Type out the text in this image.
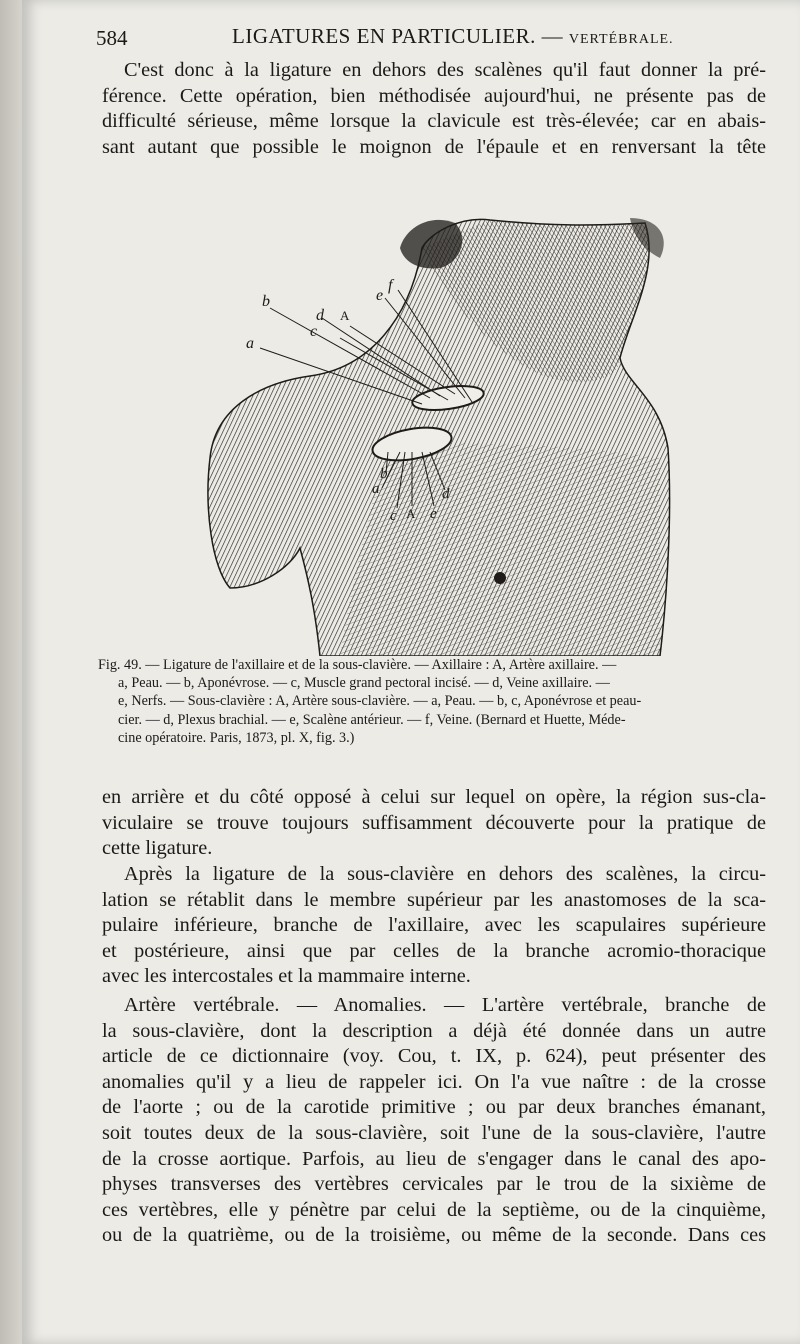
584	LIGATURES EN PARTICULIER. — VERTÉBRALE.
C'est donc à la ligature en dehors des scalènes qu'il faut donner la pré-
férence. Cette opération, bien méthodisée aujourd'hui, ne présente pas de
difficulté sérieuse, même lorsque la clavicule est très-élevée; car en abais-
sant autant que possible le moignon de l'épaule et en renversant la tête
b
d A
e
f
c
a
b
a
c A e
d
Fig. 49. — Ligature de l'axillaire et de la sous-clavière. — Axillaire : A, Artère axillaire. —
a, Peau. — b, Aponévrose. — c, Muscle grand pectoral incisé. — d, Veine axillaire. —
e, Nerfs. — Sous-clavière : A, Artère sous-clavière. — a, Peau. — b, c, Aponévrose et peau-
cier. — d, Plexus brachial. — e, Scalène antérieur. — f, Veine. (Bernard et Huette, Méde-
cine opératoire. Paris, 1873, pl. X, fig. 3.)
en arrière et du côté opposé à celui sur lequel on opère, la région sus-cla-
viculaire se trouve toujours suffisamment découverte pour la pratique de
cette ligature.
Après la ligature de la sous-clavière en dehors des scalènes, la circu-
lation se rétablit dans le membre supérieur par les anastomoses de la sca-
pulaire inférieure, branche de l'axillaire, avec les scapulaires supérieure
et postérieure, ainsi que par celles de la branche acromio-thoracique
avec les intercostales et la mammaire interne.
Artère vertébrale. — Anomalies. — L'artère vertébrale, branche de
la sous-clavière, dont la description a déjà été donnée dans un autre
article de ce dictionnaire (voy. Cou, t. IX, p. 624), peut présenter des
anomalies qu'il y a lieu de rappeler ici. On l'a vue naître : de la crosse
de l'aorte ; ou de la carotide primitive ; ou par deux branches émanant,
soit toutes deux de la sous-clavière, soit l'une de la sous-clavière, l'autre
de la crosse aortique. Parfois, au lieu de s'engager dans le canal des apo-
physes transverses des vertèbres cervicales par le trou de la sixième de
ces vertèbres, elle y pénètre par celui de la septième, ou de la cinquième,
ou de la quatrième, ou de la troisième, ou même de la seconde. Dans ces
